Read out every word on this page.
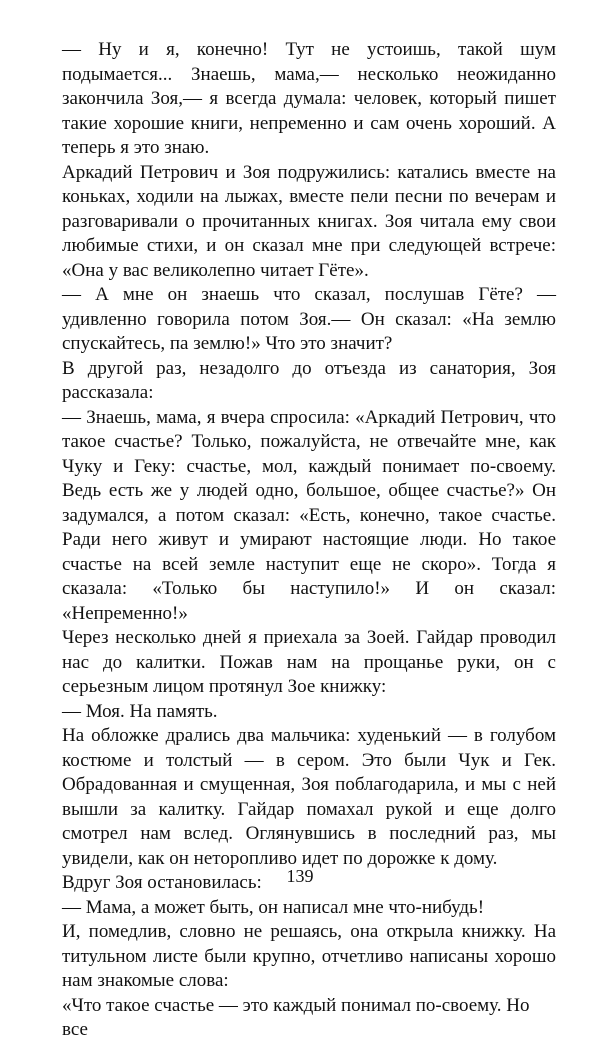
— Ну и я, конечно! Тут не устоишь, такой шум подымается... Знаешь, мама,— несколько неожиданно закончила Зоя,— я всегда думала: человек, который пишет такие хорошие книги, непременно и сам очень хороший. А теперь я это знаю.

Аркадий Петрович и Зоя подружились: катались вместе на коньках, ходили на лыжах, вместе пели песни по вечерам и разговаривали о прочитанных книгах. Зоя читала ему свои любимые стихи, и он сказал мне при следующей встрече: «Она у вас великолепно читает Гёте».

— А мне он знаешь что сказал, послушав Гёте? — удивленно говорила потом Зоя.— Он сказал: «На землю спускайтесь, па землю!» Что это значит?

В другой раз, незадолго до отъезда из санатория, Зоя рассказала:

— Знаешь, мама, я вчера спросила: «Аркадий Петрович, что такое счастье? Только, пожалуйста, не отвечайте мне, как Чуку и Геку: счастье, мол, каждый понимает по-своему. Ведь есть же у людей одно, большое, общее счастье?» Он задумался, а потом сказал: «Есть, конечно, такое счастье. Ради него живут и умирают настоящие люди. Но такое счастье на всей земле наступит еще не скоро». Тогда я сказала: «Только бы наступило!» И он сказал: «Непременно!»

Через несколько дней я приехала за Зоей. Гайдар проводил нас до калитки. Пожав нам на прощанье руки, он с серьезным лицом протянул Зое книжку:

— Моя. На память.

На обложке дрались два мальчика: худенький — в голубом костюме и толстый — в сером. Это были Чук и Гек. Обрадованная и смущенная, Зоя поблагодарила, и мы с ней вышли за калитку. Гайдар помахал рукой и еще долго смотрел нам вслед. Оглянувшись в последний раз, мы увидели, как он неторопливо идет по дорожке к дому.

Вдруг Зоя остановилась:

— Мама, а может быть, он написал мне что-нибудь!

И, помедлив, словно не решаясь, она открыла книжку. На титульном листе были крупно, отчетливо написаны хорошо нам знакомые слова:

«Что такое счастье — это каждый понимал по-своему. Но все

139
